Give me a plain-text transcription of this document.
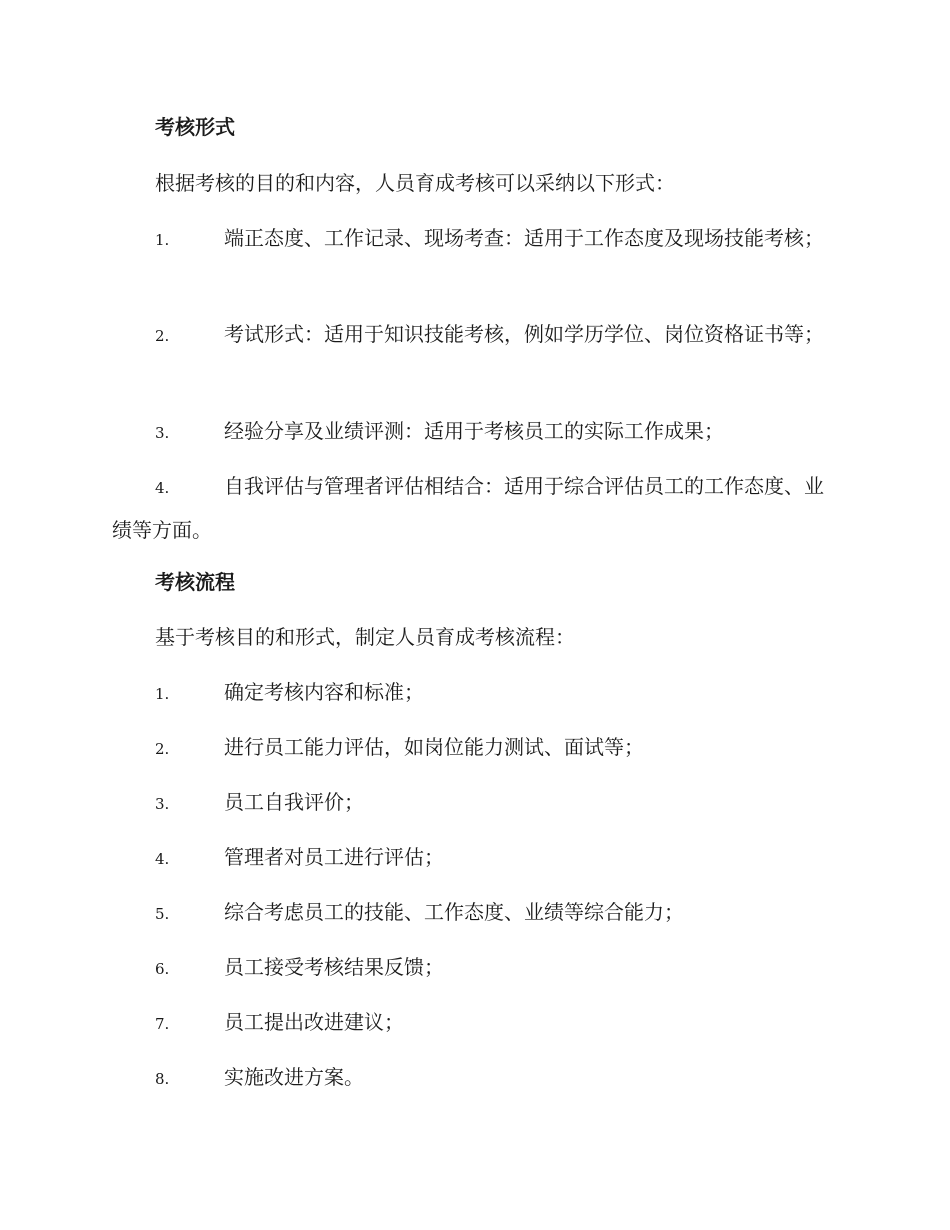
考核形式

根据考核的目的和内容，人员育成考核可以采纳以下形式：

1.	端正态度、工作记录、现场考查：适用于工作态度及现场技能考核；

2.	考试形式：适用于知识技能考核，例如学历学位、岗位资格证书等；

3.	经验分享及业绩评测：适用于考核员工的实际工作成果；

4.	自我评估与管理者评估相结合：适用于综合评估员工的工作态度、业绩等方面。

考核流程

基于考核目的和形式，制定人员育成考核流程：

1.	确定考核内容和标准；

2.	进行员工能力评估，如岗位能力测试、面试等；

3.	员工自我评价；

4.	管理者对员工进行评估；

5.	综合考虑员工的技能、工作态度、业绩等综合能力；

6.	员工接受考核结果反馈；

7.	员工提出改进建议；

8.	实施改进方案。
